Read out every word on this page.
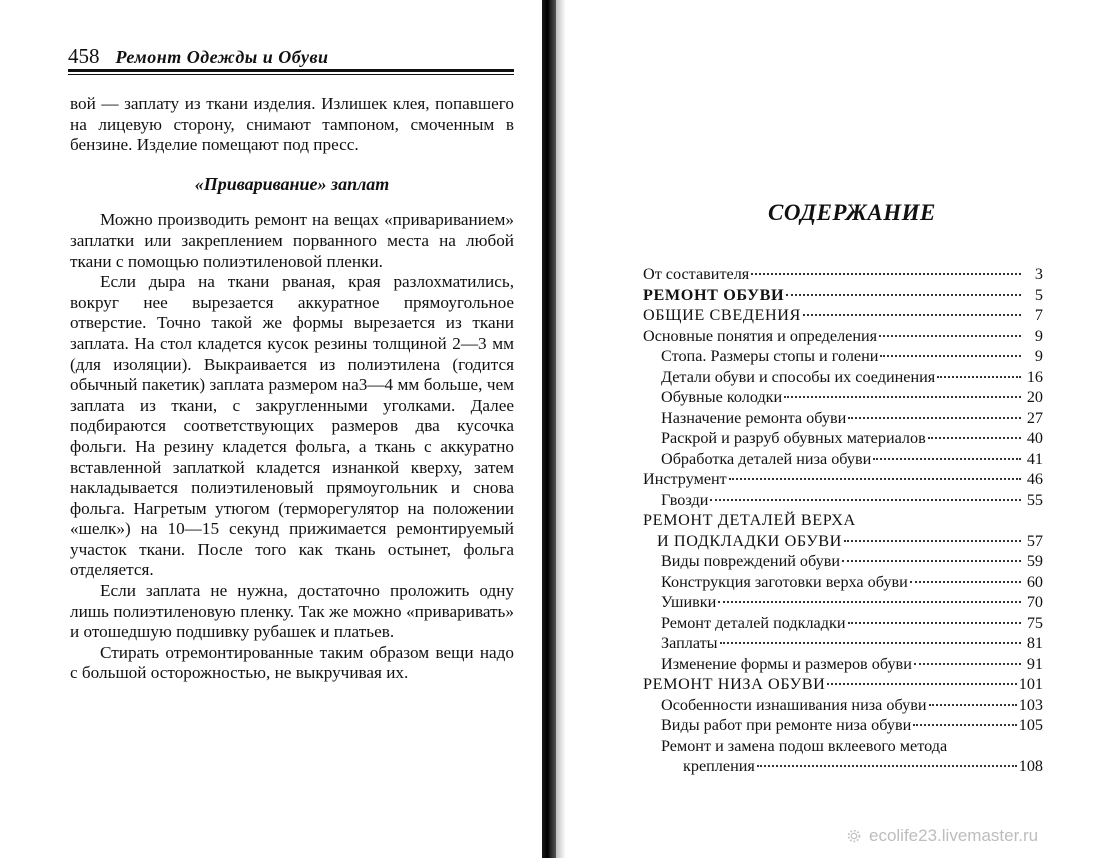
458 Ремонт Одежды и Обуви

вой — заплату из ткани изделия. Излишек клея, попавшего на лицевую сторону, снимают тампоном, смоченным в бензине. Изделие помещают под пресс.

«Приваривание» заплат

Можно производить ремонт на вещах «привариванием» заплатки или закреплением порванного места на любой ткани с помощью полиэтиленовой пленки.

Если дыра на ткани рваная, края разлохматились, вокруг нее вырезается аккуратное прямоугольное отверстие. Точно такой же формы вырезается из ткани заплата. На стол кладется кусок резины толщиной 2—3 мм (для изоляции). Выкраивается из полиэтилена (годится обычный пакетик) заплата размером на3—4 мм больше, чем заплата из ткани, с закругленными уголками. Далее подбираются соответствующих размеров два кусочка фольги. На резину кладется фольга, а ткань с аккуратно вставленной заплаткой кладется изнанкой кверху, затем накладывается полиэтиленовый прямоугольник и снова фольга. Нагретым утюгом (терморегулятор на положении «шелк») на 10—15 секунд прижимается ремонтируемый участок ткани. После того как ткань остынет, фольга отделяется.

Если заплата не нужна, достаточно проложить одну лишь полиэтиленовую пленку. Так же можно «приваривать» и отошедшую подшивку рубашек и платьев.

Стирать отремонтированные таким образом вещи надо с большой осторожностью, не выкручивая их.

СОДЕРЖАНИЕ
От составителя	3
РЕМОНТ ОБУВИ	5
ОБЩИЕ СВЕДЕНИЯ	7
Основные понятия и определения	9
Стопа. Размеры стопы и голени	9
Детали обуви и способы их соединения	16
Обувные колодки	20
Назначение ремонта обуви	27
Раскрой и разруб обувных материалов	40
Обработка деталей низа обуви	41
Инструмент	46
Гвозди	55
РЕМОНТ ДЕТАЛЕЙ ВЕРХА
И ПОДКЛАДКИ ОБУВИ	57
Виды повреждений обуви	59
Конструкция заготовки верха обуви	60
Ушивки	70
Ремонт деталей подкладки	75
Заплаты	81
Изменение формы и размеров обуви	91
РЕМОНТ НИЗА ОБУВИ	101
Особенности изнашивания низа обуви	103
Виды работ при ремонте низа обуви	105
Ремонт и замена подош вклеевого метода
крепления	108
ecolife23.livemaster.ru
